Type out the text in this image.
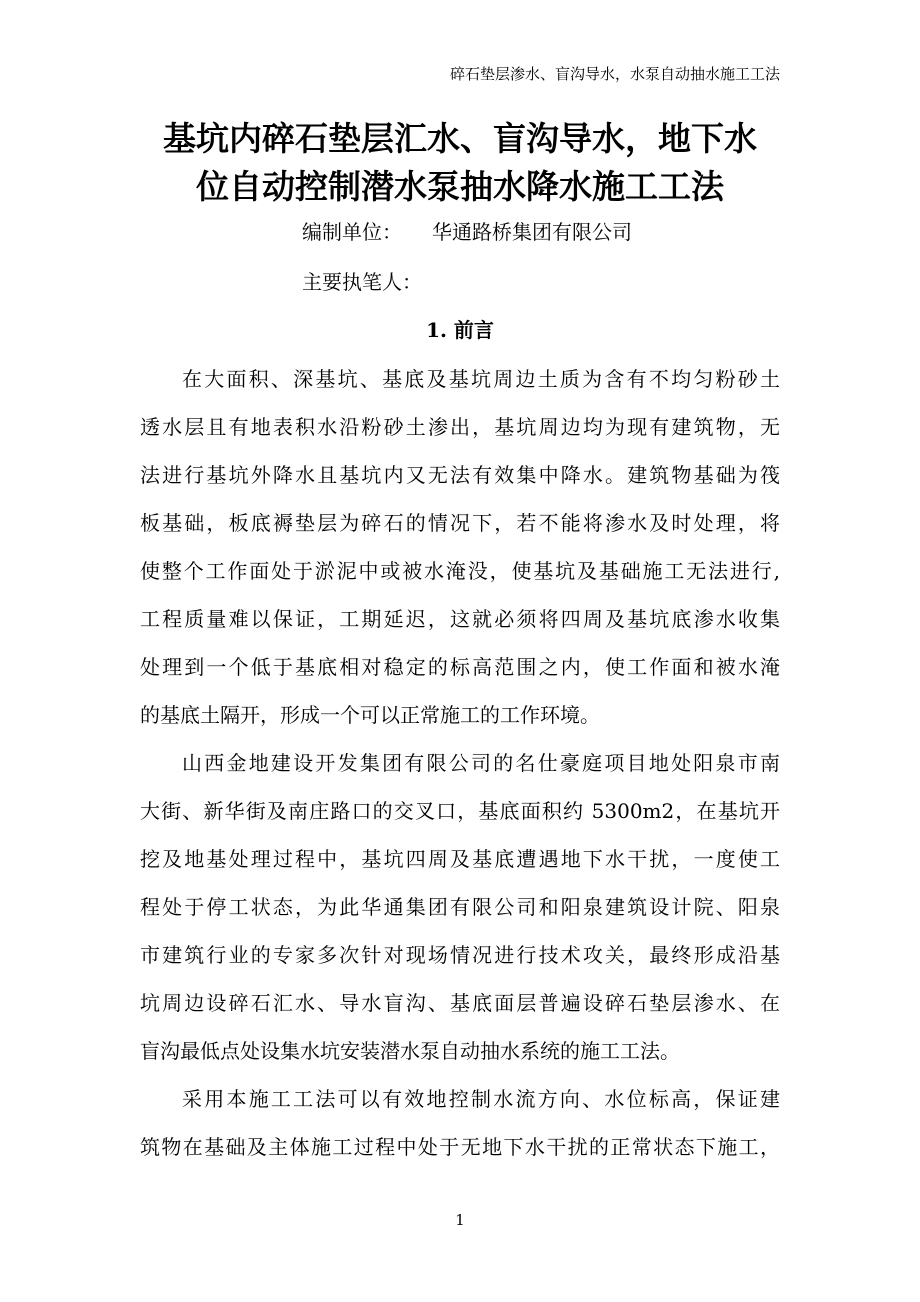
碎石垫层渗水、盲沟导水，水泵自动抽水施工工法
基坑内碎石垫层汇水、盲沟导水，地下水
位自动控制潜水泵抽水降水施工工法
编制单位： 华通路桥集团有限公司
主要执笔人：
1. 前言
在大面积、深基坑、基底及基坑周边土质为含有不均匀粉砂土
透水层且有地表积水沿粉砂土渗出，基坑周边均为现有建筑物，无
法进行基坑外降水且基坑内又无法有效集中降水。建筑物基础为筏
板基础，板底褥垫层为碎石的情况下，若不能将渗水及时处理，将
使整个工作面处于淤泥中或被水淹没，使基坑及基础施工无法进行,
工程质量难以保证，工期延迟，这就必须将四周及基坑底渗水收集
处理到一个低于基底相对稳定的标高范围之内，使工作面和被水淹
的基底土隔开，形成一个可以正常施工的工作环境。
山西金地建设开发集团有限公司的名仕豪庭项目地处阳泉市南
大街、新华街及南庄路口的交叉口，基底面积约 5300m2，在基坑开
挖及地基处理过程中，基坑四周及基底遭遇地下水干扰，一度使工
程处于停工状态，为此华通集团有限公司和阳泉建筑设计院、阳泉
市建筑行业的专家多次针对现场情况进行技术攻关，最终形成沿基
坑周边设碎石汇水、导水盲沟、基底面层普遍设碎石垫层渗水、在
盲沟最低点处设集水坑安装潜水泵自动抽水系统的施工工法。
采用本施工工法可以有效地控制水流方向、水位标高，保证建
筑物在基础及主体施工过程中处于无地下水干扰的正常状态下施工，
1
